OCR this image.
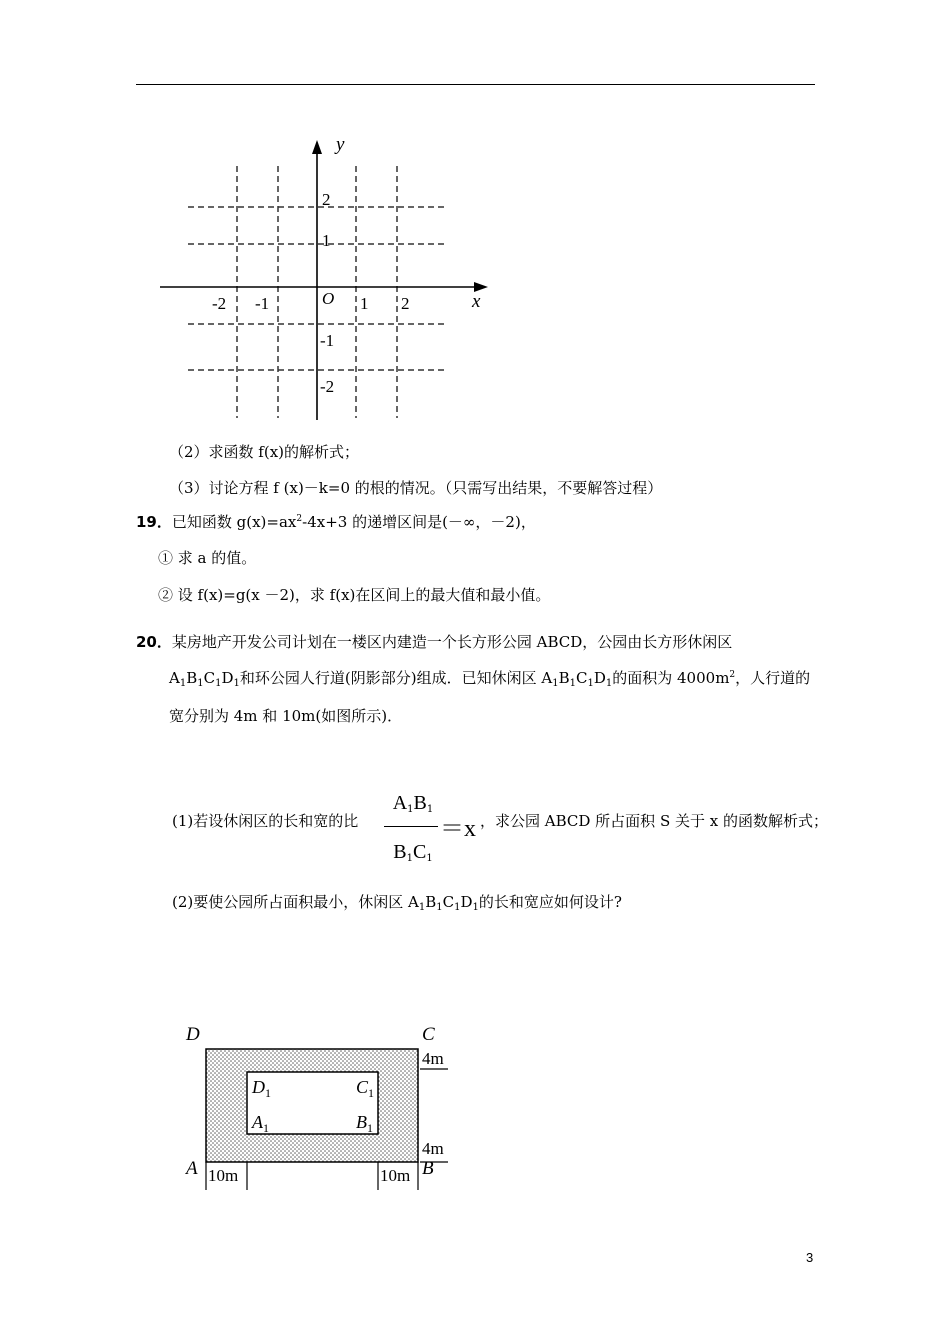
x
y
O
-2 -1	1 2
2
1
-1
-2
（2）求函数 f(x)的解析式；
（3）讨论方程 f (x)－k=0 的根的情况。（只需写出结果，不要解答过程）
19．已知函数 $g(x)=ax^2-4x+3$ 的递增区间是(－∞，－2)，
① 求 a 的值。
② 设 f(x)=g(x －2)，求 f(x)在区间上的最大值和最小值。
20．某房地产开发公司计划在一楼区内建造一个长方形公园 ABCD，公园由长方形休闲区
$A_1B_1C_1D_1$和环公园人行道(阴影部分)组成．已知休闲区 $A_1B_1C_1D_1$的面积为 $4000m^2$，人行道的
宽分别为 4m 和 10m(如图所示)．
(1)若设休闲区的长和宽的比
$A_1B_1$
$B_1C_1$
＝x ，求公园 ABCD 所占面积 S 关于 x 的函数解析式；
(2)要使公园所占面积最小，休闲区 $A_1B_1C_1D_1$的长和宽应如何设计?
D	C
A	B
$D_1$	$C_1$
$A_1$	$B_1$
4m
4m
10m	10m
3
